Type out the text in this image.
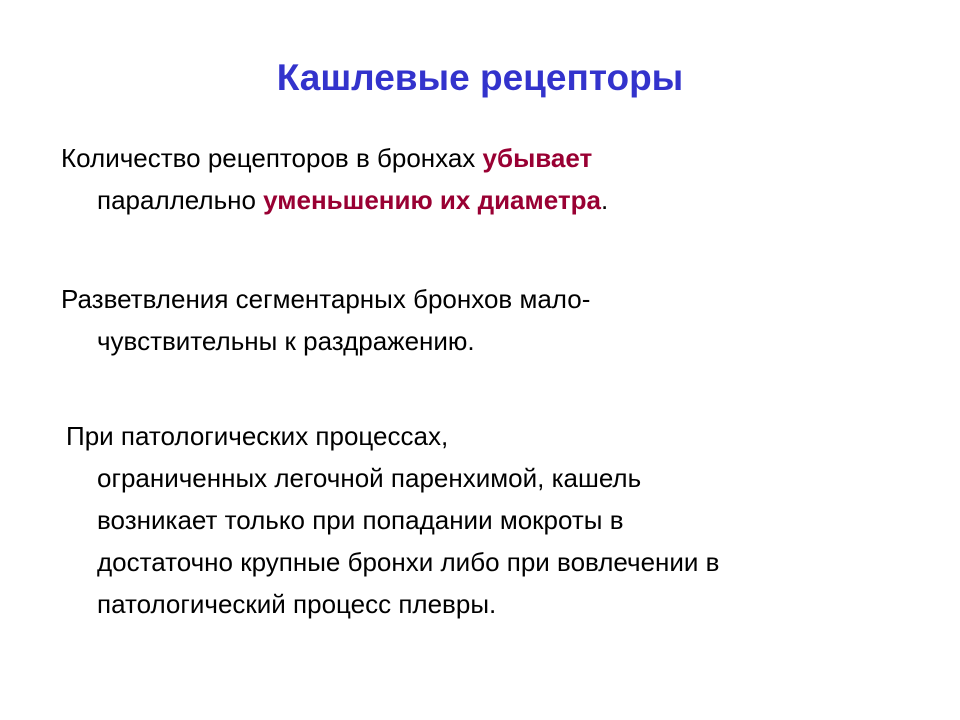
Кашлевые рецепторы
Количество рецепторов в бронхах убывает
параллельно уменьшению их диаметра.
Разветвления сегментарных бронхов мало-
чувствительны к раздражению.
При патологических процессах,
ограниченных легочной паренхимой, кашель
возникает только при попадании мокроты в
достаточно крупные бронхи либо при вовлечении в
патологический процесс плевры.
